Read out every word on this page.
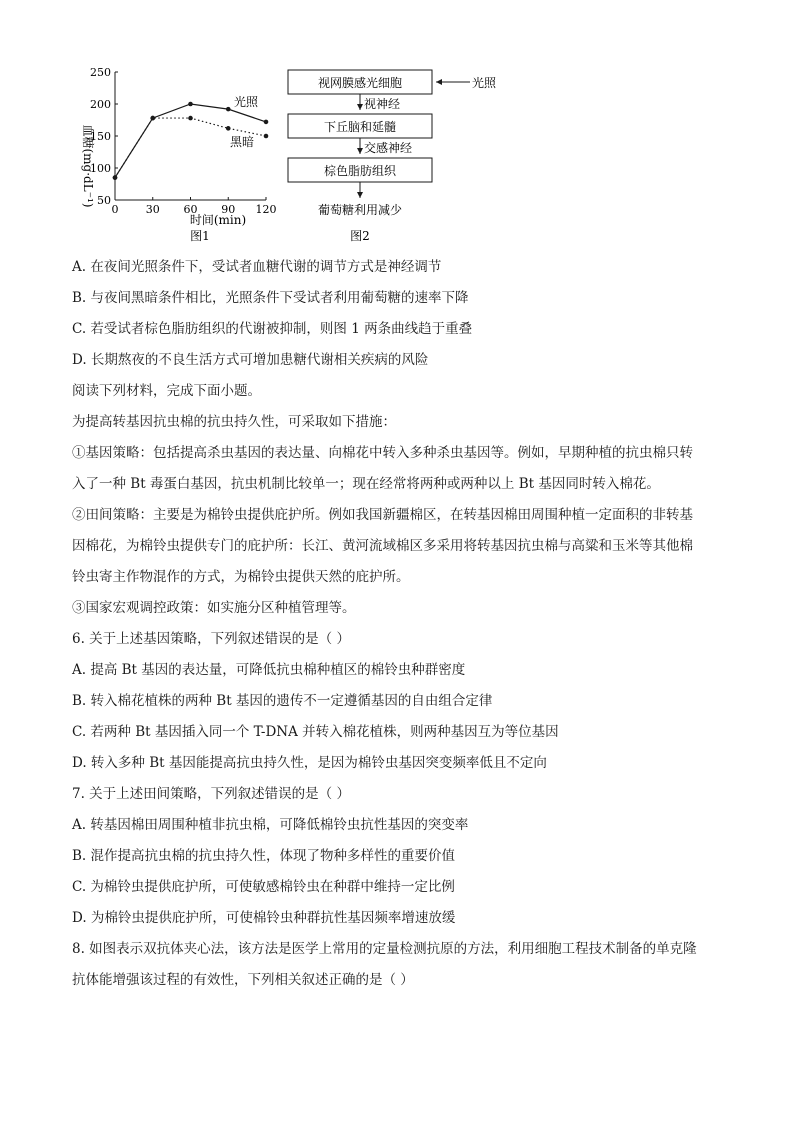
50
100
150
200
250
0 30 60 90 120
血糖(mg·dL⁻¹)
时间(min)
图1
光照
黑暗
视网膜感光细胞	光照
视神经
下丘脑和延髓
交感神经
棕色脂肪组织
葡萄糖利用减少
图2
A. 在夜间光照条件下，受试者血糖代谢的调节方式是神经调节
B. 与夜间黑暗条件相比，光照条件下受试者利用葡萄糖的速率下降
C. 若受试者棕色脂肪组织的代谢被抑制，则图 1 两条曲线趋于重叠
D. 长期熬夜的不良生活方式可增加患糖代谢相关疾病的风险
阅读下列材料，完成下面小题。
为提高转基因抗虫棉的抗虫持久性，可采取如下措施：
①基因策略：包括提高杀虫基因的表达量、向棉花中转入多种杀虫基因等。例如，早期种植的抗虫棉只转
入了一种 Bt 毒蛋白基因，抗虫机制比较单一；现在经常将两种或两种以上 Bt 基因同时转入棉花。
②田间策略：主要是为棉铃虫提供庇护所。例如我国新疆棉区，在转基因棉田周围种植一定面积的非转基
因棉花，为棉铃虫提供专门的庇护所：长江、黄河流域棉区多采用将转基因抗虫棉与高粱和玉米等其他棉
铃虫寄主作物混作的方式，为棉铃虫提供天然的庇护所。
③国家宏观调控政策：如实施分区种植管理等。
6. 关于上述基因策略，下列叙述错误的是（ ）
A. 提高 Bt 基因的表达量，可降低抗虫棉种植区的棉铃虫种群密度
B. 转入棉花植株的两种 Bt 基因的遗传不一定遵循基因的自由组合定律
C. 若两种 Bt 基因插入同一个 T-DNA 并转入棉花植株，则两种基因互为等位基因
D. 转入多种 Bt 基因能提高抗虫持久性，是因为棉铃虫基因突变频率低且不定向
7. 关于上述田间策略，下列叙述错误的是（ ）
A. 转基因棉田周围种植非抗虫棉，可降低棉铃虫抗性基因的突变率
B. 混作提高抗虫棉的抗虫持久性，体现了物种多样性的重要价值
C. 为棉铃虫提供庇护所，可使敏感棉铃虫在种群中维持一定比例
D. 为棉铃虫提供庇护所，可使棉铃虫种群抗性基因频率增速放缓
8. 如图表示双抗体夹心法，该方法是医学上常用的定量检测抗原的方法，利用细胞工程技术制备的单克隆
抗体能增强该过程的有效性，下列相关叙述正确的是（ ）
